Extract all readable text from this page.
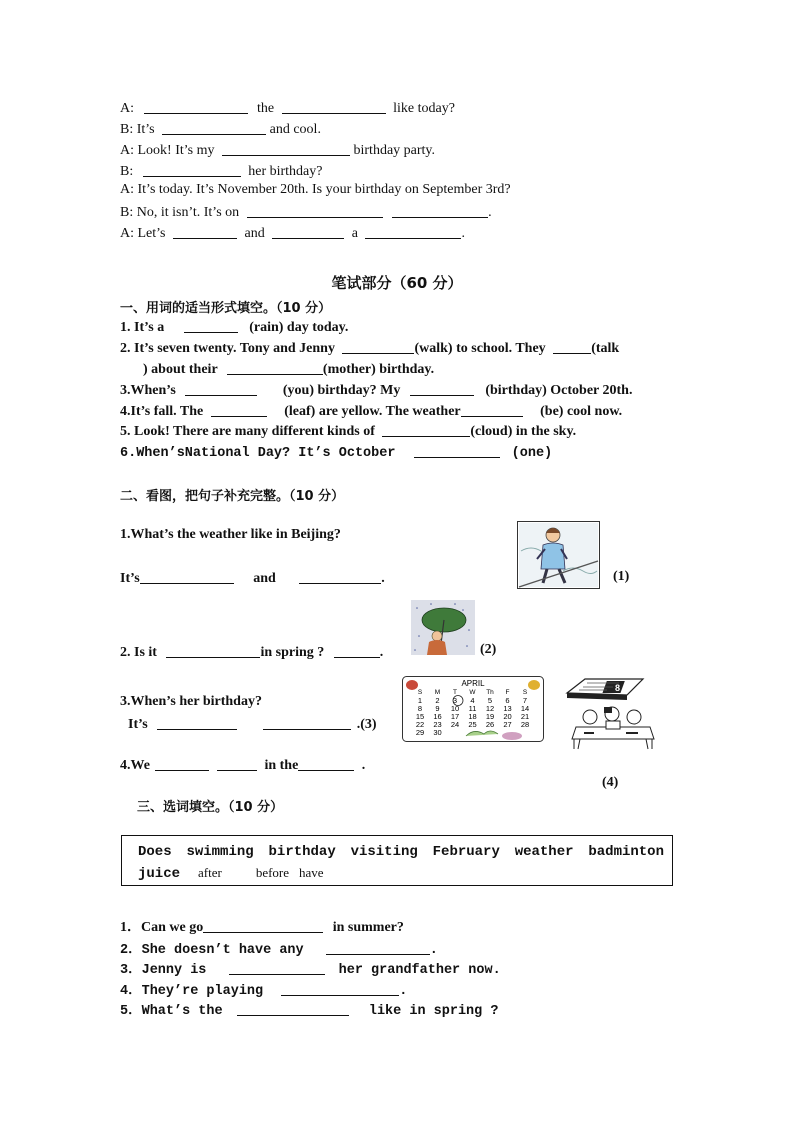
A:	the	like today?
B: It’s	and cool.
A: Look! It’s my	birthday party.
B:	her birthday?
A: It’s today. It’s November 20th. Is your birthday on September 3rd?
B: No, it isn’t. It’s on	.
A: Let’s	and	a	.
笔试部分（60 分）
一、用词的适当形式填空。（10 分）
1. It’s a	(rain) day today.
2. It’s seven twenty. Tony and Jenny	(walk) to school. They	(talk
) about their	(mother) birthday.
3.When’s	(you) birthday? My	(birthday) October 20th.
4.It’s fall. The	(leaf) are yellow. The weather	(be) cool now.
5. Look! There are many different kinds of	(cloud) in the sky.
6.When’sNational Day? It’s October	(one)
二、看图，把句子补充完整。（10 分）
1.What’s the weather like in Beijing?
It’s	and	.
2. Is it	in spring ?	.
3.When’s her birthday?
It’s	.(3)
4.We	in the	.
(1)
(2)
APRIL
S M T W Th F S
1 2 3 4 5 6 7
8 9 10 11 12 13 14
15 16 17 18 19 20 21
22 23 24 25 26 27 28
29 30
8
(4)
三、选词填空。（10 分）
Does swimming birthday visiting February weather badminton
juice after	before have
1．Can we go	in summer?
2．She doesn’t have any	.
3．Jenny is	her grandfather now.
4．They’re playing	.
5．What’s the	like in spring ?
